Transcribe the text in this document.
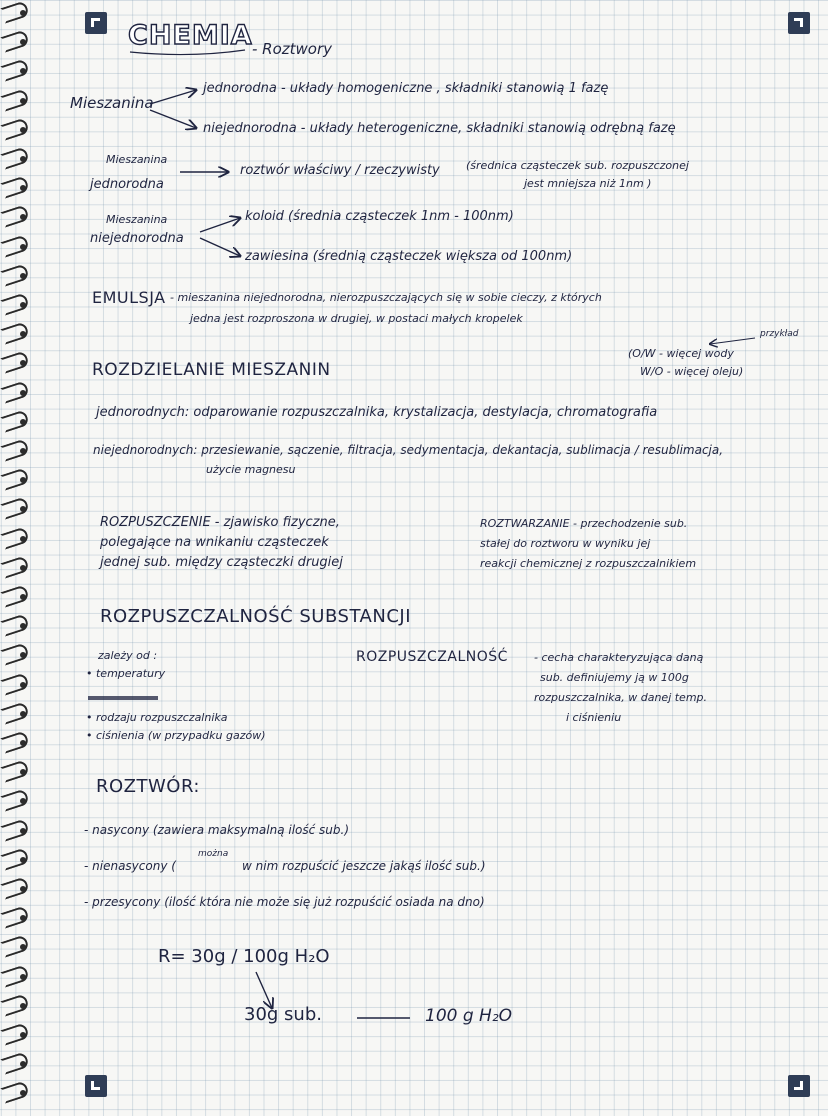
CHEMIA - Roztwory
Mieszanina
jednorodna - układy homogeniczne , składniki stanowią 1 fazę
niejednorodna - układy heterogeniczne, składniki stanowią odrębną fazę
Mieszanina
jednorodna
roztwór właściwy / rzeczywisty (średnica cząsteczek sub. rozpuszczonej
jest mniejsza niż 1nm )
Mieszanina
niejednorodna
koloid (średnia cząsteczek 1nm - 100nm)
zawiesina (średnią cząsteczek większa od 100nm)
EMULSJA - mieszanina niejednorodna, nierozpuszczających się w sobie cieczy, z których
jedna jest rozproszona w drugiej, w postaci małych kropelek
przykład
(O/W - więcej wody
W/O - więcej oleju)
ROZDZIELANIE MIESZANIN
jednorodnych: odparowanie rozpuszczalnika, krystalizacja, destylacja, chromatografia
niejednorodnych: przesiewanie, sączenie, filtracja, sedymentacja, dekantacja, sublimacja / resublimacja,
użycie magnesu
ROZPUSZCZENIE - zjawisko fizyczne,
polegające na wnikaniu cząsteczek
jednej sub. między cząsteczki drugiej
ROZTWARZANIE - przechodzenie sub.
stałej do roztworu w wyniku jej
reakcji chemicznej z rozpuszczalnikiem
ROZPUSZCZALNOŚĆ SUBSTANCJI
zależy od :
• temperatury
• rodzaju rozpuszczalnika
• ciśnienia (w przypadku gazów)
ROZPUSZCZALNOŚĆ - cecha charakteryzująca daną
sub. definiujemy ją w 100g
rozpuszczalnika, w danej temp.
i ciśnieniu
ROZTWÓR:
- nasycony (zawiera maksymalną ilość sub.)
- nienasycony (
można
w nim rozpuścić jeszcze jakąś ilość sub.)
- przesycony (ilość która nie może się już rozpuścić osiada na dno)
R= 30g / 100g H₂O
30g sub.	100 g H₂O
